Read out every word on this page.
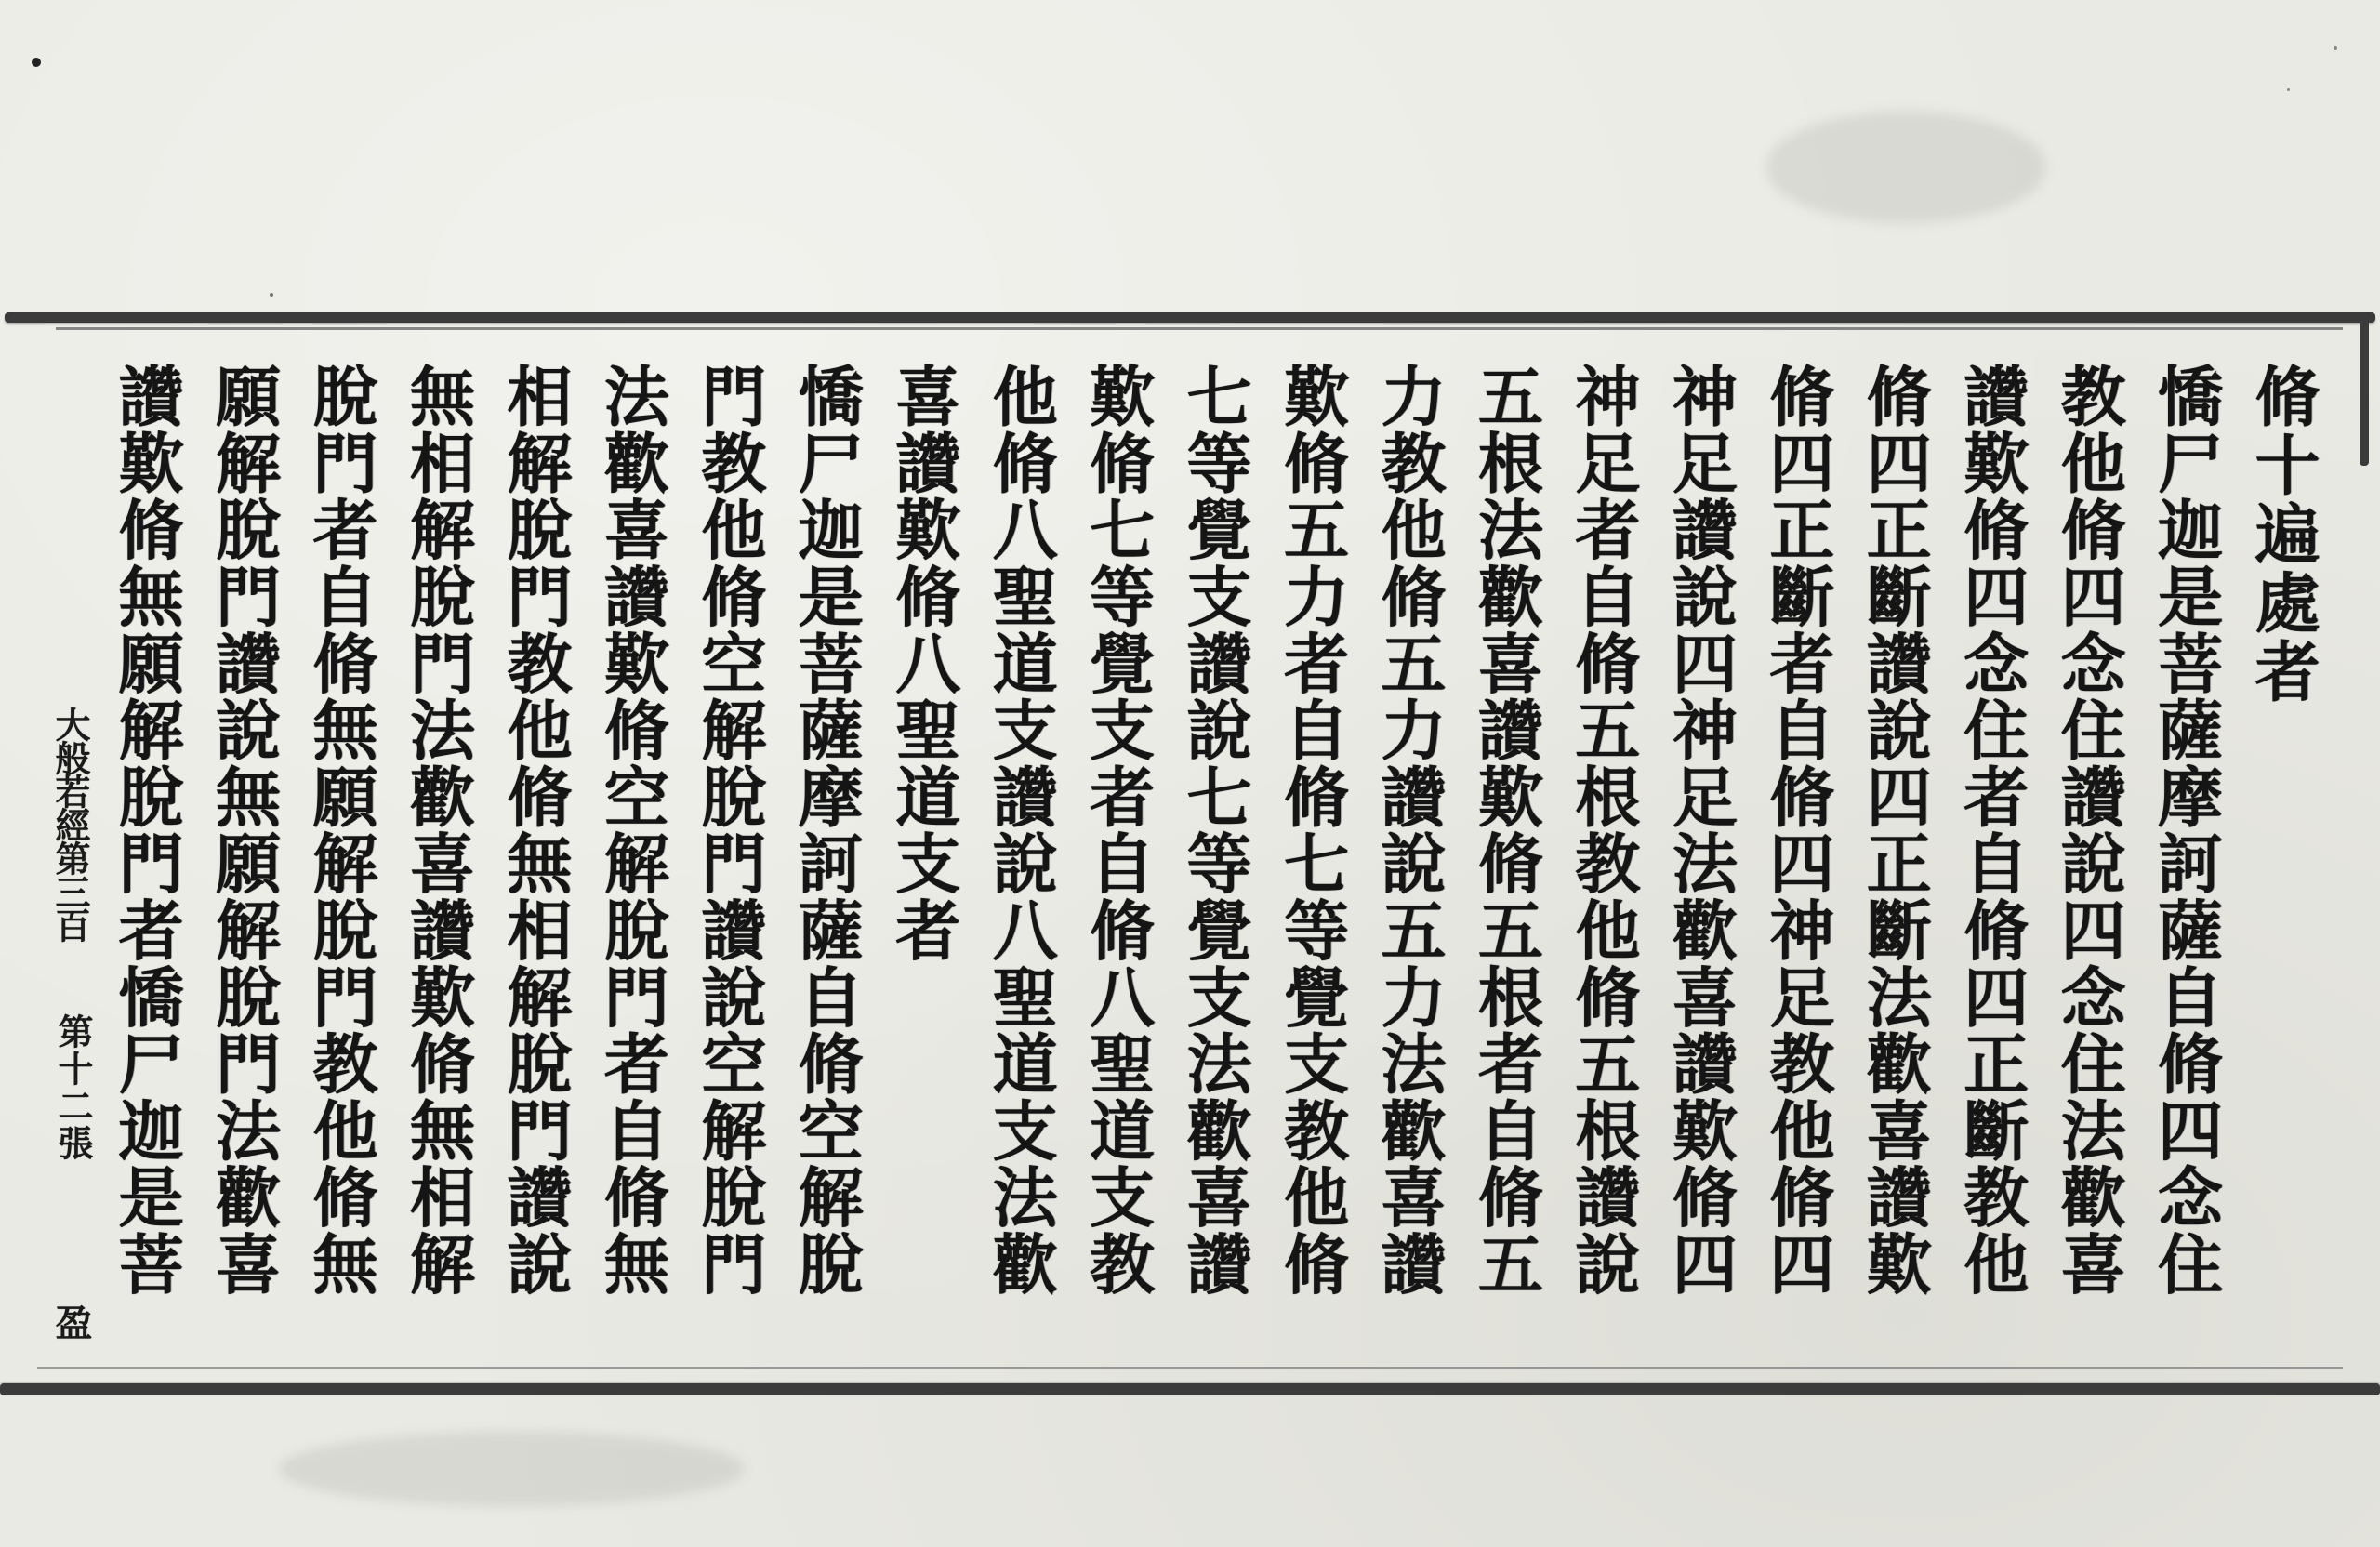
脩十遍處者
憍尸迦是菩薩摩訶薩自脩四念住
教他脩四念住讚說四念住法歡喜
讚歎脩四念住者自脩四正斷教他
脩四正斷讚說四正斷法歡喜讚歎
脩四正斷者自脩四神足教他脩四
神足讚說四神足法歡喜讚歎脩四
神足者自脩五根教他脩五根讚說
五根法歡喜讚歎脩五根者自脩五
力教他脩五力讚說五力法歡喜讚
歎脩五力者自脩七等覺支教他脩
七等覺支讚說七等覺支法歡喜讚
歎脩七等覺支者自脩八聖道支教
他脩八聖道支讚說八聖道支法歡
喜讚歎脩八聖道支者
憍尸迦是菩薩摩訶薩自脩空解脫
門教他脩空解脫門讚說空解脫門
法歡喜讚歎脩空解脫門者自脩無
相解脫門教他脩無相解脫門讚說
無相解脫門法歡喜讚歎脩無相解
脫門者自脩無願解脫門教他脩無
願解脫門讚說無願解脫門法歡喜
讚歎脩無願解脫門者憍尸迦是菩
大般若經第三百
第十二張
盈
